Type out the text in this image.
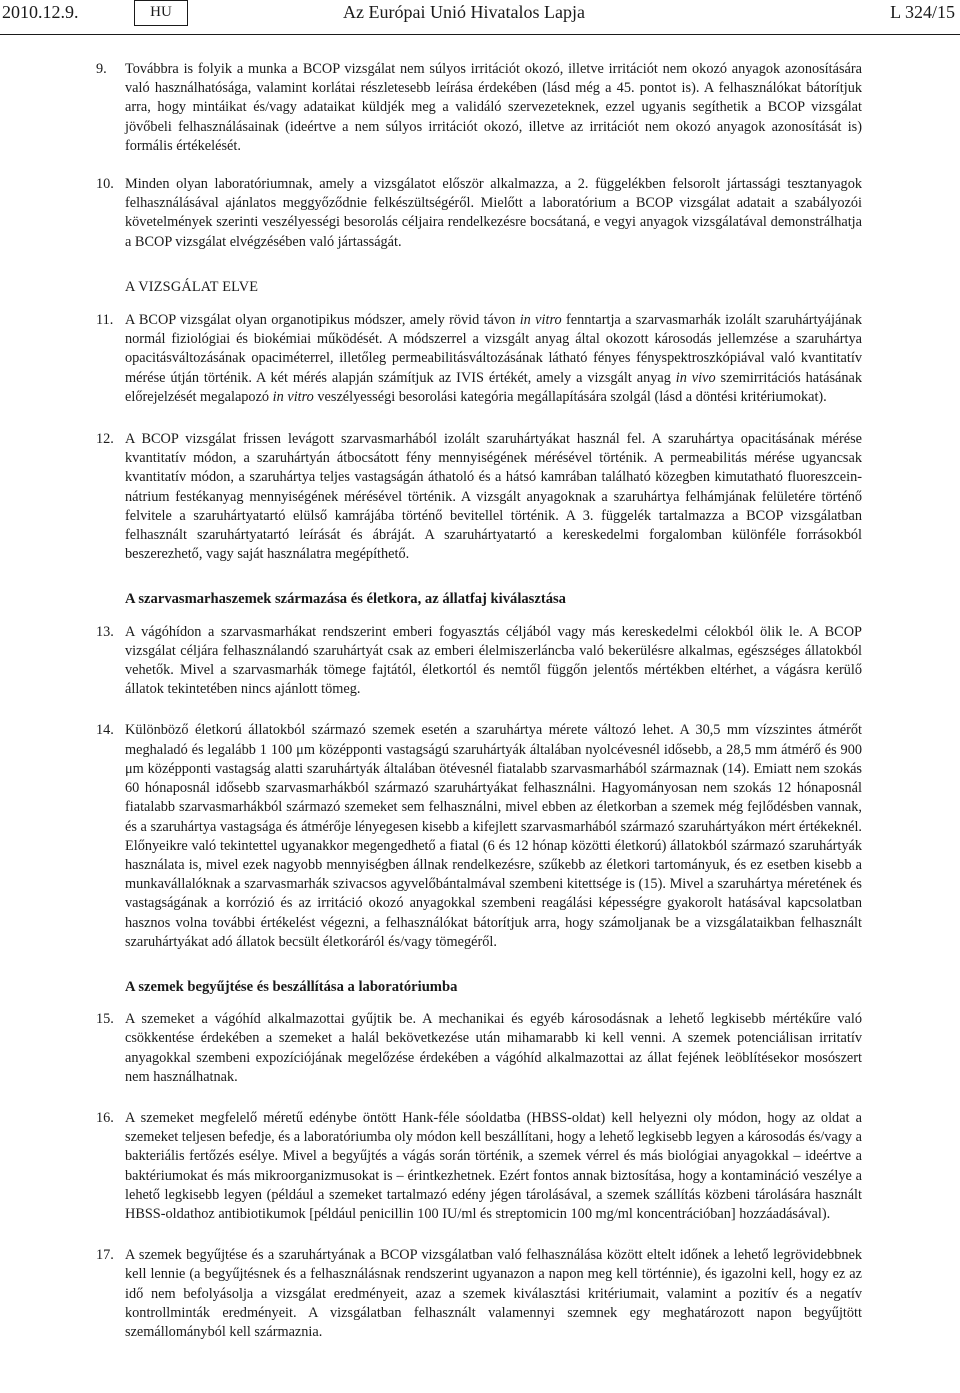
2010.12.9.	HU	Az Európai Unió Hivatalos Lapja	L 324/15
9. Továbbra is folyik a munka a BCOP vizsgálat nem súlyos irritációt okozó, illetve irritációt nem okozó anyagok azonosítására való használhatósága, valamint korlátai részletesebb leírása érdekében (lásd még a 45. pontot is). A felhasználókat bátorítjuk arra, hogy mintáikat és/vagy adataikat küldjék meg a validáló szervezeteknek, ezzel ugyanis segíthetik a BCOP vizsgálat jövőbeli felhasználásainak (ideértve a nem súlyos irritációt okozó, illetve az irritációt nem okozó anyagok azonosítását is) formális értékelését.
10. Minden olyan laboratóriumnak, amely a vizsgálatot először alkalmazza, a 2. függelékben felsorolt jártassági tesztanyagok felhasználásával ajánlatos meggyőződnie felkészültségéről. Mielőtt a laboratórium a BCOP vizsgálat adatait a szabályozói követelmények szerinti veszélyességi besorolás céljaira rendelkezésre bocsátaná, e vegyi anyagok vizsgálatával demonstrálhatja a BCOP vizsgálat elvégzésében való jártasságát.
A VIZSGÁLAT ELVE
11. A BCOP vizsgálat olyan organotipikus módszer, amely rövid távon in vitro fenntartja a szarvasmarhák izolált szaruhártyájának normál fiziológiai és biokémiai működését. A módszerrel a vizsgált anyag által okozott károsodás jellemzése a szaruhártya opacitásváltozásának opaciméterrel, illetőleg permeabilitásváltozásának látható fényes fényspektroszkópiával való kvantitatív mérése útján történik. A két mérés alapján számítjuk az IVIS értékét, amely a vizsgált anyag in vivo szemirritációs hatásának előrejelzését megalapozó in vitro veszélyességi besorolási kategória megállapítására szolgál (lásd a döntési kritériumokat).
12. A BCOP vizsgálat frissen levágott szarvasmarhából izolált szaruhártyákat használ fel. A szaruhártya opacitásának mérése kvantitatív módon, a szaruhártyán átbocsátott fény mennyiségének mérésével történik. A permeabilitás mérése ugyancsak kvantitatív módon, a szaruhártya teljes vastagságán áthatoló és a hátsó kamrában található közegben kimutatható fluoreszcein-nátrium festékanyag mennyiségének mérésével történik. A vizsgált anyagoknak a szaruhártya felhámjának felületére történő felvitele a szaruhártyatartó elülső kamrájába történő bevitellel történik. A 3. függelék tartalmazza a BCOP vizsgálatban felhasznált szaruhártyatartó leírását és ábráját. A szaruhártyatartó a kereskedelmi forgalomban különféle forrásokból beszerezhető, vagy saját használatra megépíthető.
A szarvasmarhaszemek származása és életkora, az állatfaj kiválasztása
13. A vágóhídon a szarvasmarhákat rendszerint emberi fogyasztás céljából vagy más kereskedelmi célokból ölik le. A BCOP vizsgálat céljára felhasználandó szaruhártyát csak az emberi élelmiszerláncba való bekerülésre alkalmas, egészséges állatokból vehetők. Mivel a szarvasmarhák tömege fajtától, életkortól és nemtől függőn jelentős mértékben eltérhet, a vágásra kerülő állatok tekintetében nincs ajánlott tömeg.
14. Különböző életkorú állatokból származó szemek esetén a szaruhártya mérete változó lehet. A 30,5 mm vízszintes átmérőt meghaladó és legalább 1 100 μm középponti vastagságú szaruhártyák általában nyolcévesnél idősebb, a 28,5 mm átmérő és 900 μm középponti vastagság alatti szaruhártyák általában ötévesnél fiatalabb szarvasmarhából származnak (14). Emiatt nem szokás 60 hónaposnál idősebb szarvasmarhákból származó szaruhártyákat felhasználni. Hagyományosan nem szokás 12 hónaposnál fiatalabb szarvasmarhákból származó szemeket sem felhasználni, mivel ebben az életkorban a szemek még fejlődésben vannak, és a szaruhártya vastagsága és átmérője lényegesen kisebb a kifejlett szarvasmarhából származó szaruhártyákon mért értékeknél. Előnyeikre való tekintettel ugyanakkor megengedhető a fiatal (6 és 12 hónap közötti életkorú) állatokból származó szaruhártyák használata is, mivel ezek nagyobb mennyiségben állnak rendelkezésre, szűkebb az életkori tartományuk, és ez esetben kisebb a munkavállalóknak a szarvasmarhák szivacsos agyvelőbántalmával szembeni kitettsége is (15). Mivel a szaruhártya méretének és vastagságának a korrózió és az irritáció okozó anyagokkal szembeni reagálási képességre gyakorolt hatásával kapcsolatban hasznos volna további értékelést végezni, a felhasználókat bátorítjuk arra, hogy számoljanak be a vizsgálataikban felhasznált szaruhártyákat adó állatok becsült életkoráról és/vagy tömegéről.
A szemek begyűjtése és beszállítása a laboratóriumba
15. A szemeket a vágóhíd alkalmazottai gyűjtik be. A mechanikai és egyéb károsodásnak a lehető legkisebb mértékűre való csökkentése érdekében a szemeket a halál bekövetkezése után mihamarabb ki kell venni. A szemek potenciálisan irritatív anyagokkal szembeni expozíciójának megelőzése érdekében a vágóhíd alkalmazottai az állat fejének leöblítésekor mosószert nem használhatnak.
16. A szemeket megfelelő méretű edénybe öntött Hank-féle sóoldatba (HBSS-oldat) kell helyezni oly módon, hogy az oldat a szemeket teljesen befedje, és a laboratóriumba oly módon kell beszállítani, hogy a lehető legkisebb legyen a károsodás és/vagy a bakteriális fertőzés esélye. Mivel a begyűjtés a vágás során történik, a szemek vérrel és más biológiai anyagokkal – ideértve a baktériumokat és más mikroorganizmusokat is – érintkezhetnek. Ezért fontos annak biztosítása, hogy a kontamináció veszélye a lehető legkisebb legyen (például a szemeket tartalmazó edény jégen tárolásával, a szemek szállítás közbeni tárolására használt HBSS-oldathoz antibiotikumok [például penicillin 100 IU/ml és streptomicin 100 mg/ml koncentrációban] hozzáadásával).
17. A szemek begyűjtése és a szaruhártyának a BCOP vizsgálatban való felhasználása között eltelt időnek a lehető legrövidebbnek kell lennie (a begyűjtésnek és a felhasználásnak rendszerint ugyanazon a napon meg kell történnie), és igazolni kell, hogy ez az idő nem befolyásolja a vizsgálat eredményeit, azaz a szemek kiválasztási kritériumait, valamint a pozitív és a negatív kontrollminták eredményeit. A vizsgálatban felhasznált valamennyi szemnek egy meghatározott napon begyűjtött szemállományból kell származnia.
